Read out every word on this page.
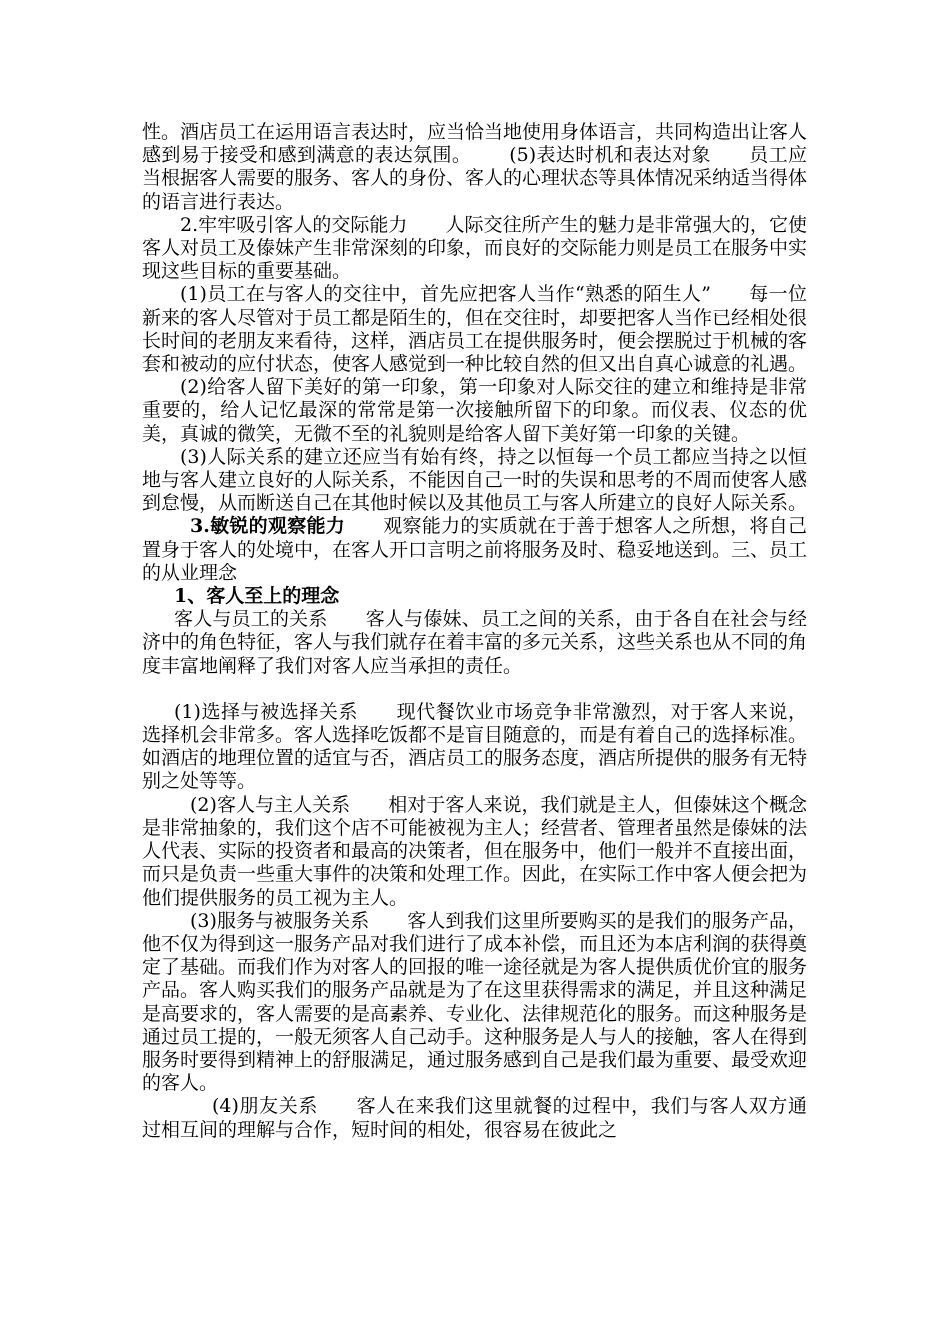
性。酒店员工在运用语言表达时，应当恰当地使用身体语言，共同构造出让客人感到易于接受和感到满意的表达氛围。 (5)表达时机和表达对象 员工应当根据客人需要的服务、客人的身份、客人的心理状态等具体情况采纳适当得体的语言进行表达。

2.牢牢吸引客人的交际能力 人际交往所产生的魅力是非常强大的，它使客人对员工及傣妹产生非常深刻的印象，而良好的交际能力则是员工在服务中实现这些目标的重要基础。

(1)员工在与客人的交往中，首先应把客人当作“熟悉的陌生人” 每一位新来的客人尽管对于员工都是陌生的，但在交往时，却要把客人当作已经相处很长时间的老朋友来看待，这样，酒店员工在提供服务时，便会摆脱过于机械的客套和被动的应付状态，使客人感觉到一种比较自然的但又出自真心诚意的礼遇。

(2)给客人留下美好的第一印象，第一印象对人际交往的建立和维持是非常重要的，给人记忆最深的常常是第一次接触所留下的印象。而仪表、仪态的优美，真诚的微笑，无微不至的礼貌则是给客人留下美好第一印象的关键。

(3)人际关系的建立还应当有始有终，持之以恒每一个员工都应当持之以恒地与客人建立良好的人际关系，不能因自己一时的失误和思考的不周而使客人感到怠慢，从而断送自己在其他时候以及其他员工与客人所建立的良好人际关系。

3.敏锐的观察能力 观察能力的实质就在于善于想客人之所想，将自己置身于客人的处境中，在客人开口言明之前将服务及时、稳妥地送到。三、员工的从业理念

1、客人至上的理念

客人与员工的关系 客人与傣妹、员工之间的关系，由于各自在社会与经济中的角色特征，客人与我们就存在着丰富的多元关系，这些关系也从不同的角度丰富地阐释了我们对客人应当承担的责任。

(1)选择与被选择关系 现代餐饮业市场竞争非常激烈，对于客人来说，选择机会非常多。客人选择吃饭都不是盲目随意的，而是有着自己的选择标准。如酒店的地理位置的适宜与否，酒店员工的服务态度，酒店所提供的服务有无特别之处等等。

(2)客人与主人关系 相对于客人来说，我们就是主人，但傣妹这个概念是非常抽象的，我们这个店不可能被视为主人；经营者、管理者虽然是傣妹的法人代表、实际的投资者和最高的决策者，但在服务中，他们一般并不直接出面，而只是负责一些重大事件的决策和处理工作。因此，在实际工作中客人便会把为他们提供服务的员工视为主人。

(3)服务与被服务关系 客人到我们这里所要购买的是我们的服务产品，他不仅为得到这一服务产品对我们进行了成本补偿，而且还为本店利润的获得奠定了基础。而我们作为对客人的回报的唯一途径就是为客人提供质优价宜的服务产品。客人购买我们的服务产品就是为了在这里获得需求的满足，并且这种满足是高要求的，客人需要的是高素养、专业化、法律规范化的服务。而这种服务是通过员工提的，一般无须客人自己动手。这种服务是人与人的接触，客人在得到服务时要得到精神上的舒服满足，通过服务感到自己是我们最为重要、最受欢迎的客人。

(4)朋友关系 客人在来我们这里就餐的过程中，我们与客人双方通过相互间的理解与合作，短时间的相处，很容易在彼此之
